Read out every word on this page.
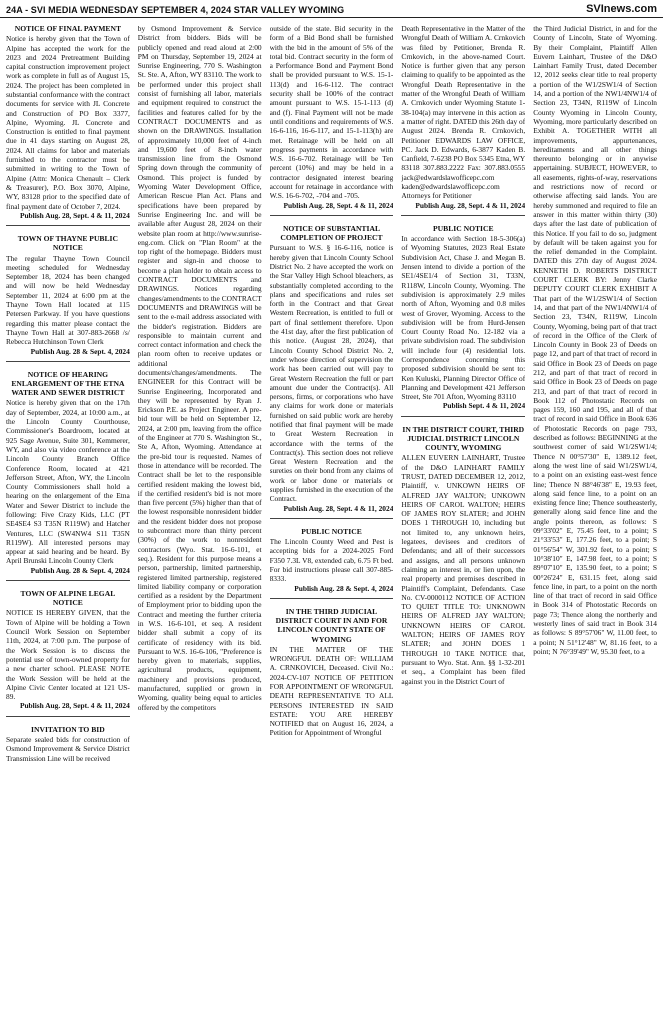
24A - SVI MEDIA WEDNESDAY SEPTEMBER 4, 2024 STAR VALLEY WYOMING	SVInews.com
NOTICE OF FINAL PAYMENT

Notice is hereby given that the Town of Alpine has accepted the work for the 2023 and 2024 Pretreatment Building capital construction improvement project work as complete in full as of August 15, 2024. The project has been completed in substantial conformance with the contract documents for service with JL Concrete and Construction of PO Box 3377, Alpine, Wyoming. JL Concrete and Construction is entitled to final payment due in 41 days starting on August 28, 2024. All claims for labor and materials furnished to the contractor must be submitted in writing to the Town of Alpine (Attn: Monica Chenault – Clerk & Treasurer), P.O. Box 3070, Alpine, WY, 83128 prior to the specified date of final payment date of October 7, 2024.

Publish Aug. 28, Sept. 4 & 11, 2024

TOWN OF THAYNE PUBLIC NOTICE

The regular Thayne Town Council meeting scheduled for Wednesday September 18, 2024 has been changed and will now be held Wednesday September 11, 2024 at 6:00 pm at the Thayne Town Hall located at 115 Petersen Parkway. If you have questions regarding this matter please contact the Thayne Town Hall at 307-883-2668 /s/ Rebecca Hutchinson Town Clerk

Publish Aug. 28 & Sept. 4, 2024

NOTICE OF HEARING ENLARGEMENT OF THE ETNA WATER AND SEWER DISTRICT

Notice is hereby given that on the 17th day of September, 2024, at 10:00 a.m., at the Lincoln County Courthouse, Commissioner's Boardroom, located at 925 Sage Avenue, Suite 301, Kemmerer, WY, and also via video conference at the Lincoln County Branch Office Conference Room, located at 421 Jefferson Street, Afton, WY, the Lincoln County Commissioners shall hold a hearing on the enlargement of the Etna Water and Sewer District to include the following: Five Crazy Kids, LLC (PT SE4SE4 S3 T35N R119W) and Hatcher Ventures, LLC (SW4NW4 S11 T35N R119W). All interested persons may appear at said hearing and be heard. By April Brunski Lincoln County Clerk

Publish Aug. 28 & Sept. 4, 2024

TOWN OF ALPINE LEGAL NOTICE

NOTICE IS HEREBY GIVEN, that the Town of Alpine will be holding a Town Council Work Session on September 11th, 2024, at 7:00 p.m. The purpose of the Work Session is to discuss the potential use of town-owned property for a new charter school. PLEASE NOTE the Work Session will be held at the Alpine Civic Center located at 121 US-89.

Publish Aug. 28, Sept. 4 & 11, 2024

INVITATION TO BID

Separate sealed bids for construction of Osmond Improvement & Service District Transmission Line will be received

by Osmond Improvement & Service District from bidders. Bids will be publicly opened and read aloud at 2:00 PM on Thursday, September 19, 2024 at Sunrise Engineering, 770 S. Washington St. Ste. A, Afton, WY 83110. The work to be performed under this project shall consist of furnishing all labor, materials and equipment required to construct the facilities and features called for by the CONTRACT DOCUMENTS and as shown on the DRAWINGS. Installation of approximately 10,000 feet of 4-inch and 19,600 feet of 8-inch water transmission line from the Osmond Spring down through the community of Osmond. This project is funded by Wyoming Water Development Office, American Rescue Plan Act. Plans and specifications have been prepared by Sunrise Engineering Inc. and will be available after August 28, 2024 on their website plan room at http://www.sunrise-eng.com. Click on "Plan Room" at the top right of the homepage. Bidders must register and sign-in and choose to become a plan holder to obtain access to CONTRACT DOCUMENTS and DRAWINGS. Notices regarding changes/amendments to the CONTRACT DOCUMENTS and DRAWINGS will be sent to the e-mail address associated with the bidder's registration. Bidders are responsible to maintain current and correct contact information and check the plan room often to receive updates or additional documents/changes/amendments. The ENGINEER for this Contract will be Sunrise Engineering, Incorporated and they will be represented by Ryan J. Erickson P.E. as Project Engineer. A pre-bid tour will be held on September 12, 2024, at 2:00 pm, leaving from the office of the Engineer at 770 S. Washington St., Ste A, Afton, Wyoming. Attendance at the pre-bid tour is requested. Names of those in attendance will be recorded. The Contract shall be let to the responsible certified resident making the lowest bid, if the certified resident's bid is not more than five percent (5%) higher than that of the lowest responsible nonresident bidder and the resident bidder does not propose to subcontract more than thirty percent (30%) of the work to nonresident contractors (Wyo. Stat. 16-6-101, et seq.). Resident for this purpose means a person, partnership, limited partnership, registered limited partnership, registered limited liability company or corporation certified as a resident by the Department of Employment prior to bidding upon the Contract and meeting the further criteria in W.S. 16-6-101, et seq. A resident bidder shall submit a copy of its certificate of residency with its bid. Pursuant to W.S. 16-6-106, "Preference is hereby given to materials, supplies, agricultural products, equipment, machinery and provisions produced, manufactured, supplied or grown in Wyoming, quality being equal to articles offered by the competitors

outside of the state. Bid security in the form of a Bid Bond shall be furnished with the bid in the amount of 5% of the total bid. Contract security in the form of a Performance Bond and Payment Bond shall be provided pursuant to W.S. 15-1-113(d) and 16-6-112. The contract security shall be 100% of the contract amount pursuant to W.S. 15-1-113 (d) and (f). Final Payment will not be made until conditions and requirements of W.S. 16-6-116, 16-6-117, and 15-1-113(h) are met. Retainage will be held on all progress payments in accordance with W.S. 16-6-702. Retainage will be Ten percent (10%) and may be held in a contractor designated interest bearing account for retainage in accordance with W.S. 16-6-702, -704 and -705.

Publish Aug. 28, Sept. 4 & 11, 2024

NOTICE OF SUBSTANTIAL COMPLETION OF PROJECT

Pursuant to W.S. § 16-6-116, notice is hereby given that Lincoln County School District No. 2 have accepted the work on the Star Valley High School bleachers, as substantially completed according to the plans and specifications and rules set forth in the Contract and that Great Western Recreation, is entitled to full or part of final settlement therefore. Upon the 41st day, after the first publication of this notice. (August 28, 2024), that Lincoln County School District No. 2, under whose direction of supervision the work has been carried out will pay to Great Western Recreation the full or part amount due under the Contract(s). All persons, firms, or corporations who have any claims for work done or materials furnished on said public work are hereby notified that final payment will be made to Great Western Recreation in accordance with the terms of the Contract(s). This section does not relieve Great Western Recreation and the sureties on their bond from any claims of work or labor done or materials or supplies furnished in the execution of the Contract.

Publish Aug. 28, Sept. 4 & 11, 2024

PUBLIC NOTICE

The Lincoln County Weed and Pest is accepting bids for a 2024-2025 Ford F350 7.3L V8, extended cab, 6.75 Ft bed. For bid instructions please call 307-885-8333.

Publish Aug. 28 & Sept. 4, 2024

IN THE THIRD JUDICIAL DISTRICT COURT IN AND FOR LINCOLN COUNTY STATE OF WYOMING

IN THE MATTER OF THE WRONGFUL DEATH OF: WILLIAM A. CRNKOVICH, Deceased. Civil No.: 2024-CV-107 NOTICE OF PETITION FOR APPOINTMENT OF WRONGFUL DEATH REPRESENTATIVE TO ALL PERSONS INTERESTED IN SAID ESTATE: YOU ARE HEREBY NOTIFIED that on August 16, 2024, a Petition for Appointment of Wrongful

Death Representative in the Matter of the Wrongful Death of William A. Crnkovich was filed by Petitioner, Brenda R. Crnkovich, in the above-named Court. Notice is further given that any person claiming to qualify to be appointed as the Wrongful Death Representative in the matter of the Wrongful Death of William A. Crnkovich under Wyoming Statute 1-38-104(a) may intervene in this action as a matter of right. DATED this 26th day of August 2024. Brenda R. Crnkovich, Petitioner EDWARDS LAW OFFICE, PC. Jack D. Edwards, 6-3877 Kaden B. Canfield, 7-6238 PO Box 5345 Etna, WY 83118 307.883.2222 Fax: 307.883.0555 jack@edwardslawofficepc.com kaden@edwardslawofficepc.com Attorneys for Petitioner

Publish Aug. 28, Sept. 4 & 11, 2024

PUBLIC NOTICE

In accordance with Section 18-5-306(a) of Wyoming Statutes, 2023 Real Estate Subdivision Act, Chase J. and Megan B. Jensen intend to divide a portion of the SE1/4SE1/4 of Section 31, T33N, R118W, Lincoln County, Wyoming. The subdivision is approximately 2.9 miles north of Afton, Wyoming and 0.8 miles west of Grover, Wyoming. Access to the subdivision will be from Hurd-Jensen Court County Road No. 12-182 via a private subdivision road. The subdivision will include four (4) residential lots. Correspondence concerning this proposed subdivision should be sent to: Ken Kuluski, Planning Director Office of Planning and Development 421 Jefferson Street, Ste 701 Afton, Wyoming 83110

Publish Sept. 4 & 11, 2024

IN THE DISTRICT COURT, THIRD JUDICIAL DISTRICT LINCOLN COUNTY, WYOMING

ALLEN EUVERN LAINHART, Trustee of the D&O LAINHART FAMILY TRUST, DATED DECEMBER 12, 2012, Plaintiff, v. UNKOWN HEIRS OF ALFRED JAY WALTON; UNKOWN HEIRS OF CAROL WALTON; HEIRS OF JAMES ROY SLATER; and JOHN DOES 1 THROUGH 10, including but not limited to, any unknown heirs, legatees, devisees and creditors of Defendants; and all of their successors and assigns, and all persons unknown claiming an interest in, or lien upon, the real property and premises described in Plaintiff's Complaint, Defendants. Case No. CV-0000112 NOTICE OF ACTION TO QUIET TITLE TO: UNKNOWN HEIRS OF ALFRED JAY WALTON; UNKNOWN HEIRS OF CAROL WALTON; HEIRS OF JAMES ROY SLATER; and JOHN DOES 1 THROUGH 10 TAKE NOTICE that, pursuant to Wyo. Stat. Ann. §§ 1-32-201 et seq., a Complaint has been filed against you in the District Court of

the Third Judicial District, in and for the County of Lincoln, State of Wyoming. By their Complaint, Plaintiff Allen Euvern Lainhart, Trustee of the D&O Lainhart Family Trust, dated December 12, 2012 seeks clear title to real property a portion of the W1/2SW1/4 of Section 14, and a portion of the NW1/4NW1/4 of Section 23, T34N, R119W of Lincoln County Wyoming in Lincoln County, Wyoming, more particularly described on Exhibit A. TOGETHER WITH all improvements, appurtenances, hereditaments and all other things thereunto belonging or in anywise appertaining. SUBJECT, HOWEVER, to all easements, rights-of-way, reservations and restrictions now of record or otherwise affecting said lands. You are hereby summoned and required to file an answer in this matter within thirty (30) days after the last date of publication of this Notice. If you fail to do so, judgment by default will be taken against you for the relief demanded in the Complaint. DATED this 27th day of August 2024. KENNETH D. ROBERTS DISTRICT COURT CLERK BY: Jenny Clarke DEPUTY COURT CLERK EXHIBIT A That part of the W1/2SW1/4 of Section 14, and that part of the NW1/4NW1/4 of Section 23, T34N, R119W, Lincoln County, Wyoming, being part of that tract of record in the Office of the Clerk of Lincoln County in Book 23 of Deeds on page 12, and part of that tract of record in said Office in Book 23 of Deeds on page 212, and part of that tract of record in said Office in Book 23 of Deeds on page 213, and part of that tract of record in Book 112 of Photostatic Records on pages 159, 160 and 195, and all of that tract of record in said Office in Book 636 of Photostatic Records on page 793, described as follows: BEGINNING at the southwest corner of said W1/2SW1/4; Thence N 00°57'30" E, 1389.12 feet, along the west line of said W1/2SW1/4, to a point on an existing east-west fence line; Thence N 88°46'38" E, 19.93 feet, along said fence line, to a point on an existing fence line; Thence southeasterly, generally along said fence line and the angle points thereon, as follows: S 09°33'02" E, 75.45 feet, to a point; S 21°33'53" E, 177.26 feet, to a point; S 01°56'54" W, 301.92 feet, to a point; S 10°38'10" E, 147.98 feet, to a point; S 89°07'10" E, 135.90 feet, to a point; S 00°26'24" E, 631.15 feet, along said fence line, in part, to a point on the north line of that tract of record in said Office in Book 314 of Photostatic Records on page 73; Thence along the northerly and westerly lines of said tract in Book 314 as follows: S 89°57'06" W, 11.00 feet, to a point; N 51°12'48" W, 81.16 feet, to a point; N 76°39'49" W, 95.30 feet, to a
